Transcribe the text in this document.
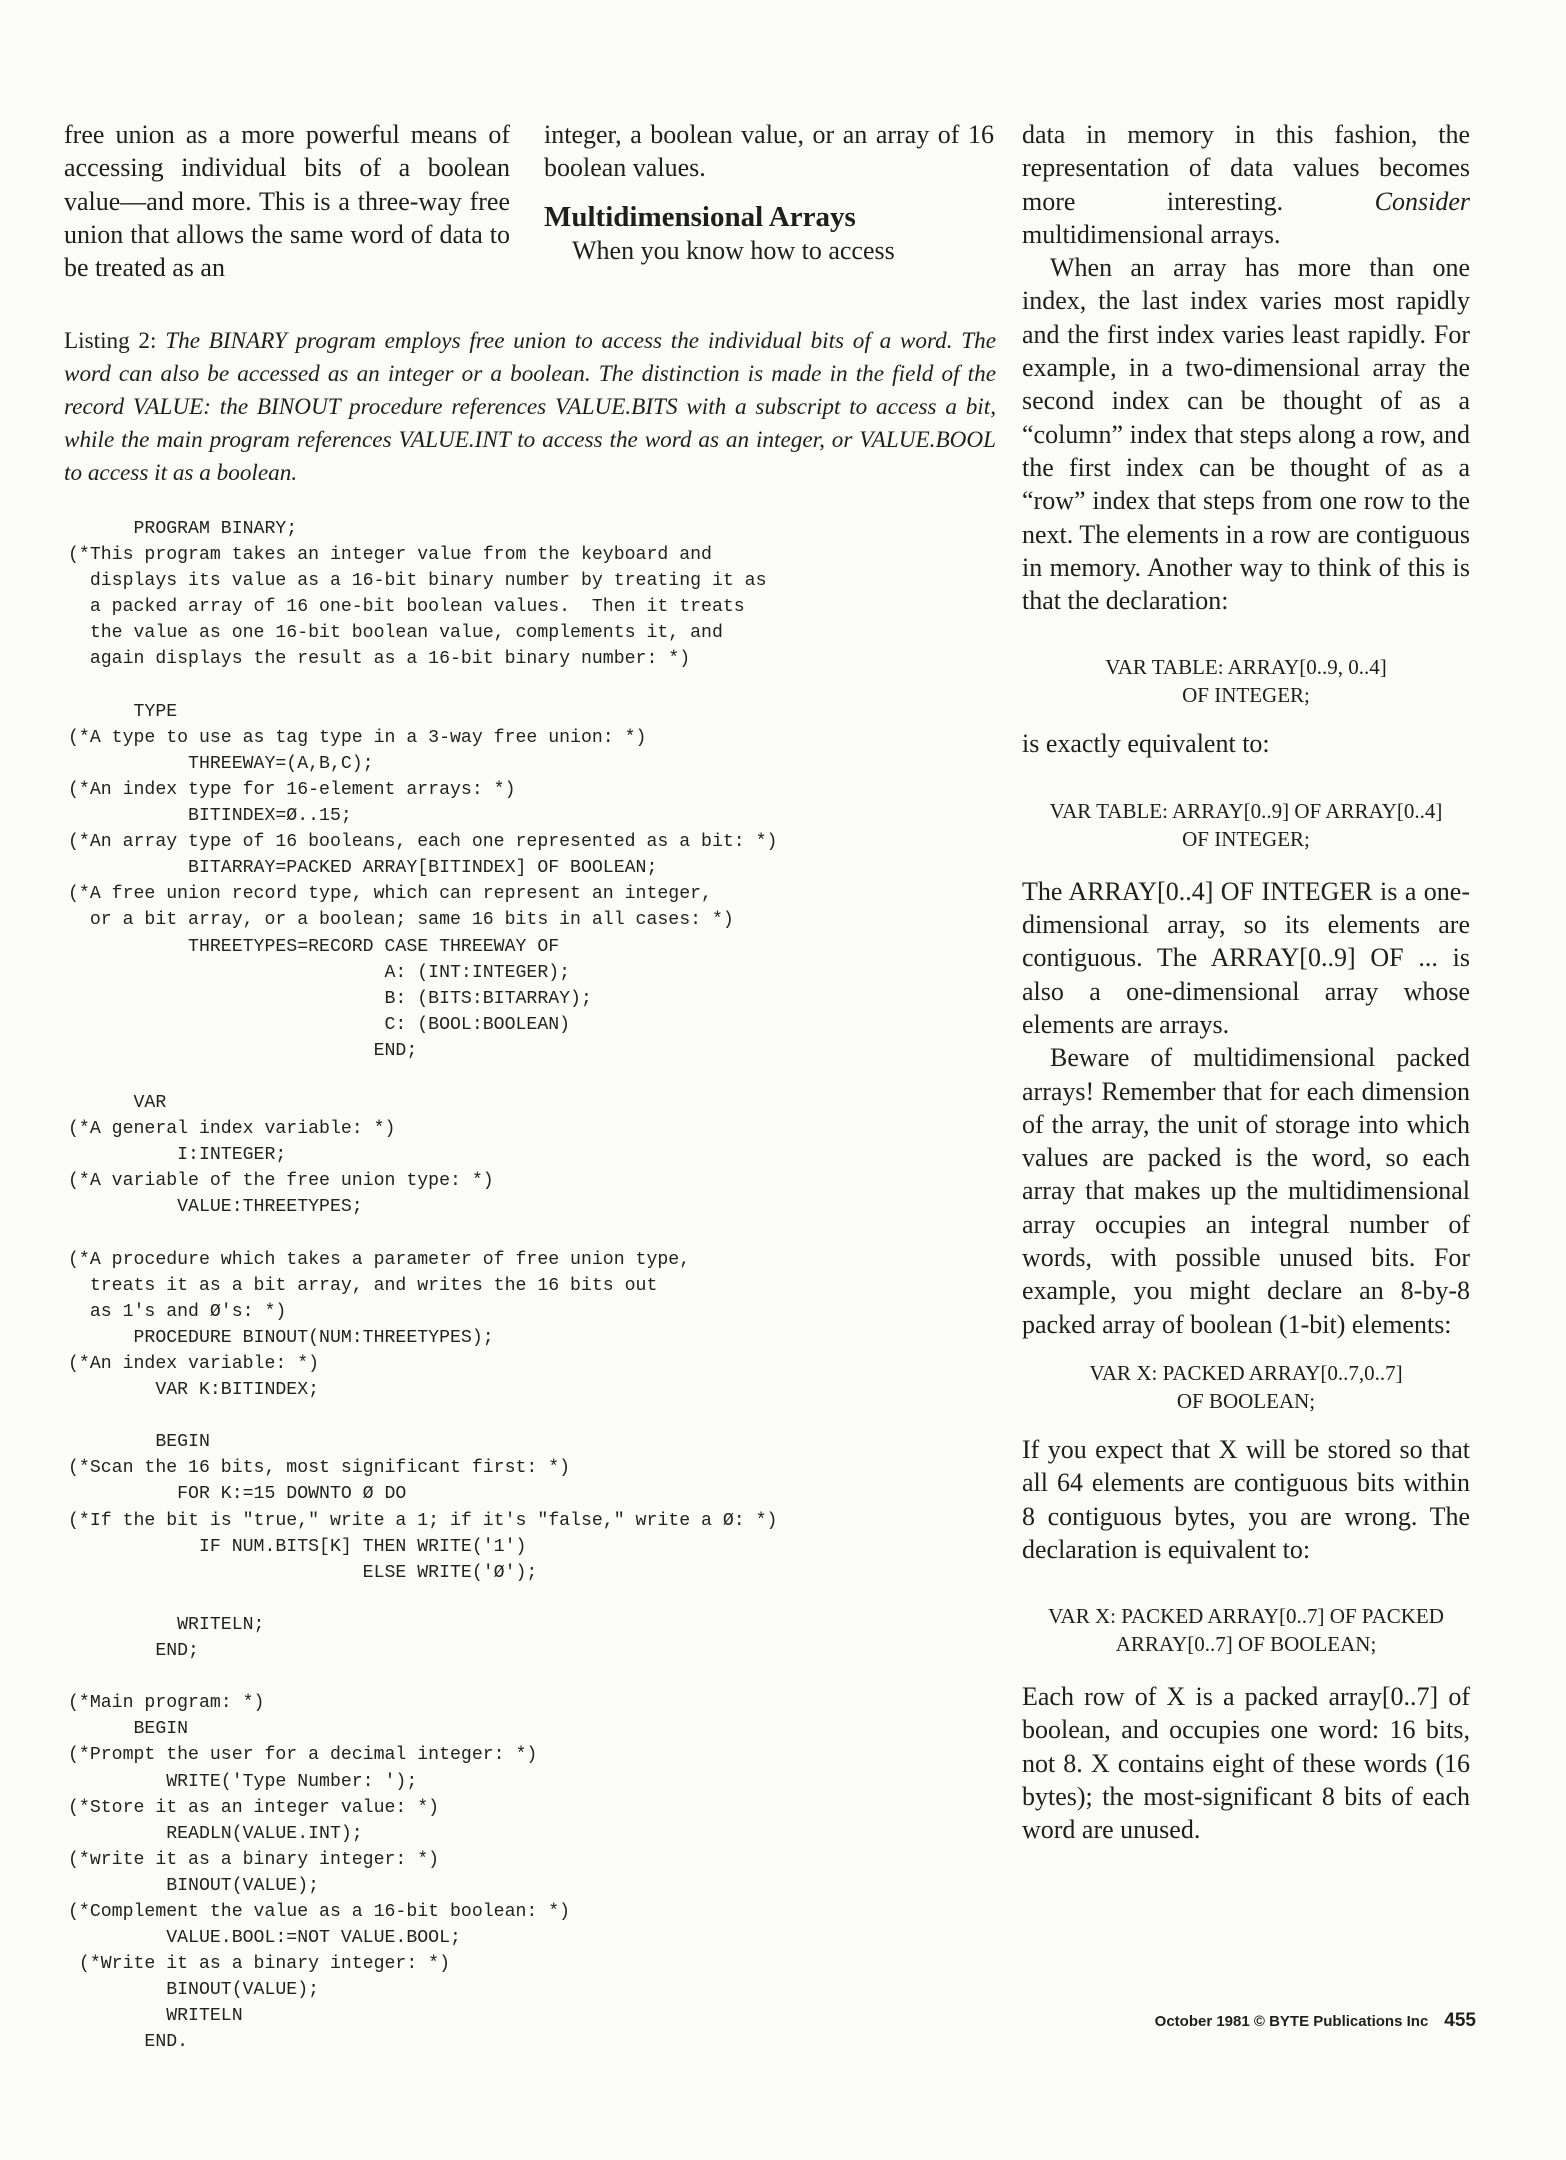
free union as a more powerful means of accessing individual bits of a boolean value—and more. This is a three-way free union that allows the same word of data to be treated as an

integer, a boolean value, or an array of 16 boolean values.

Multidimensional Arrays

When you know how to access

Listing 2: The BINARY program employs free union to access the individual bits of a word. The word can also be accessed as an integer or a boolean. The distinction is made in the field of the record VALUE: the BINOUT procedure references VALUE.BITS with a subscript to access a bit, while the main program references VALUE.INT to access the word as an integer, or VALUE.BOOL to access it as a boolean.
PROGRAM BINARY;
(*This program takes an integer value from the keyboard and
displays its value as a 16-bit binary number by treating it as
a packed array of 16 one-bit boolean values.  Then it treats
the value as one 16-bit boolean value, complements it, and
again displays the result as a 16-bit binary number: *)
TYPE
(*A type to use as tag type in a 3-way free union: *)
THREEWAY=(A,B,C);
(*An index type for 16-element arrays: *)
BITINDEX=Ø..15;
(*An array type of 16 booleans, each one represented as a bit: *)
BITARRAY=PACKED ARRAY[BITINDEX] OF BOOLEAN;
(*A free union record type, which can represent an integer,
or a bit array, or a boolean; same 16 bits in all cases: *)
THREETYPES=RECORD CASE THREEWAY OF
A: (INT:INTEGER);
B: (BITS:BITARRAY);
C: (BOOL:BOOLEAN)
END;
VAR
(*A general index variable: *)
I:INTEGER;
(*A variable of the free union type: *)
VALUE:THREETYPES;
(*A procedure which takes a parameter of free union type,
treats it as a bit array, and writes the 16 bits out
as 1's and Ø's: *)
PROCEDURE BINOUT(NUM:THREETYPES);
(*An index variable: *)
VAR K:BITINDEX;
BEGIN
(*Scan the 16 bits, most significant first: *)
FOR K:=15 DOWNTO Ø DO
(*If the bit is "true," write a 1; if it's "false," write a Ø: *)
IF NUM.BITS[K] THEN WRITE('1')
ELSE WRITE('Ø');
WRITELN;
END;
(*Main program: *)
BEGIN
(*Prompt the user for a decimal integer: *)
WRITE('Type Number: ');
(*Store it as an integer value: *)
READLN(VALUE.INT);
(*write it as a binary integer: *)
BINOUT(VALUE);
(*Complement the value as a 16-bit boolean: *)
VALUE.BOOL:=NOT VALUE.BOOL;
(*Write it as a binary integer: *)
BINOUT(VALUE);
WRITELN
END.

data in memory in this fashion, the representation of data values becomes more interesting.	Consider multidimensional arrays.

When an array has more than one index, the last index varies most rapidly and the first index varies least rapidly. For example, in a two-dimensional array the second index can be thought of as a “column” index that steps along a row, and the first index can be thought of as a “row” index that steps from one row to the next. The elements in a row are contiguous in memory. Another way to think of this is that the declaration:

VAR TABLE: ARRAY[0..9, 0..4]
OF INTEGER;

is exactly equivalent to:

VAR TABLE: ARRAY[0..9] OF ARRAY[0..4]
OF INTEGER;

The ARRAY[0..4] OF INTEGER is a one-dimensional array, so its elements are contiguous. The ARRAY[0..9] OF ... is also a one-dimensional array whose elements are arrays.

Beware of multidimensional packed arrays! Remember that for each dimension of the array, the unit of storage into which values are packed is the word, so each array that makes up the multidimensional array occupies an integral number of words, with possible unused bits. For example, you might declare an 8-by-8 packed array of boolean (1-bit) elements:

VAR X: PACKED ARRAY[0..7,0..7]
OF BOOLEAN;

If you expect that X will be stored so that all 64 elements are contiguous bits within 8 contiguous bytes, you are wrong. The declaration is equivalent to:

VAR X: PACKED ARRAY[0..7] OF PACKED
ARRAY[0..7] OF BOOLEAN;

Each row of X is a packed array[0..7] of boolean, and occupies one word: 16 bits, not 8. X contains eight of these words (16 bytes); the most-significant 8 bits of each word are unused.

October 1981 © BYTE Publications Inc 455
